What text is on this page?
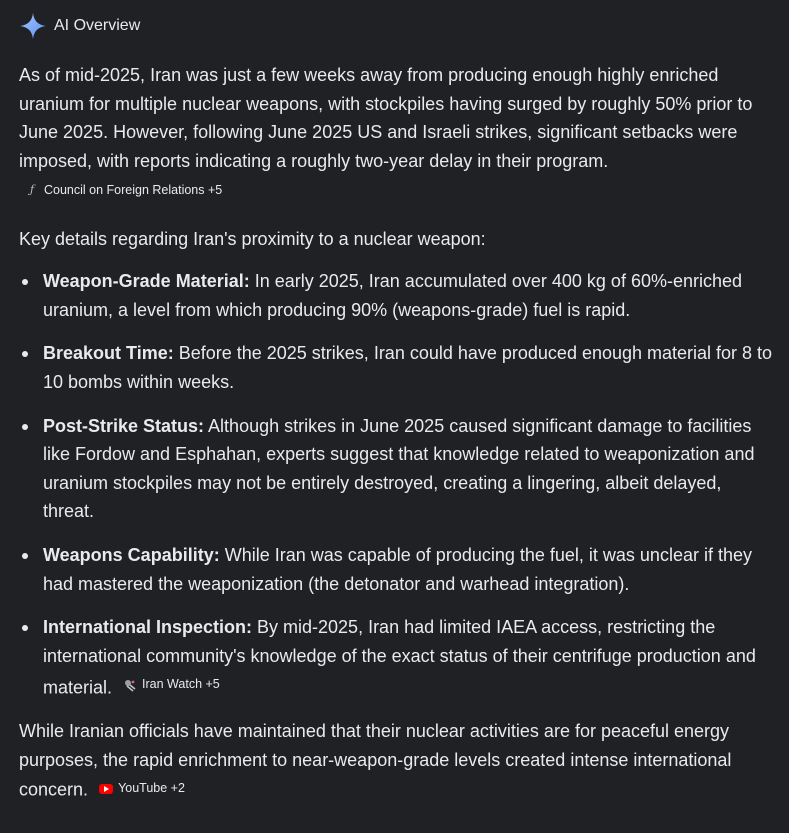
AI Overview

As of mid-2025, Iran was just a few weeks away from producing enough highly enriched uranium for multiple nuclear weapons, with stockpiles having surged by roughly 50% prior to June 2025. However, following June 2025 US and Israeli strikes, significant setbacks were imposed, with reports indicating a roughly two-year delay in their program.
ƒ Council on Foreign Relations +5

Key details regarding Iran's proximity to a nuclear weapon:

Weapon-Grade Material: In early 2025, Iran accumulated over 400 kg of 60%-enriched uranium, a level from which producing 90% (weapons-grade) fuel is rapid.
Breakout Time: Before the 2025 strikes, Iran could have produced enough material for 8 to 10 bombs within weeks.
Post-Strike Status: Although strikes in June 2025 caused significant damage to facilities like Fordow and Esphahan, experts suggest that knowledge related to weaponization and uranium stockpiles may not be entirely destroyed, creating a lingering, albeit delayed, threat.
Weapons Capability: While Iran was capable of producing the fuel, it was unclear if they had mastered the weaponization (the detonator and warhead integration).
International Inspection: By mid-2025, Iran had limited IAEA access, restricting the international community's knowledge of the exact status of their centrifuge production and material. Iran Watch +5

While Iranian officials have maintained that their nuclear activities are for peaceful energy purposes, the rapid enrichment to near-weapon-grade levels created intense international concern. YouTube +2
